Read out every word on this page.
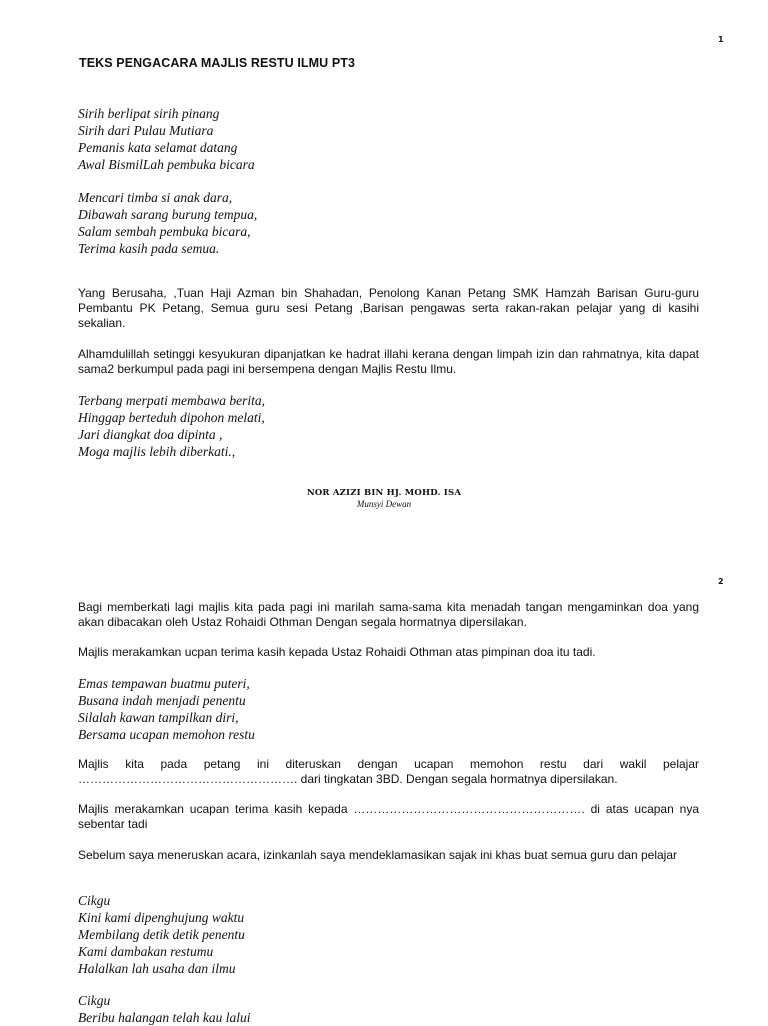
1
TEKS PENGACARA MAJLIS RESTU ILMU PT3
Sirih berlipat sirih pinang
Sirih dari Pulau Mutiara
Pemanis kata selamat datang
Awal BismilLah pembuka bicara
Mencari timba si anak dara,
Dibawah sarang burung tempua,
Salam sembah pembuka bicara,
Terima kasih pada semua.
Yang Berusaha, ,Tuan Haji Azman bin Shahadan, Penolong Kanan Petang SMK Hamzah Barisan Guru-guru Pembantu PK Petang, Semua guru sesi Petang ,Barisan pengawas serta rakan-rakan pelajar yang di kasihi sekalian.
Alhamdulillah setinggi kesyukuran dipanjatkan ke hadrat illahi kerana dengan limpah izin dan rahmatnya, kita dapat sama2 berkumpul pada pagi ini bersempena dengan Majlis Restu Ilmu.
Terbang merpati membawa berita,
Hinggap berteduh dipohon melati,
Jari diangkat doa dipinta ,
Moga majlis lebih diberkati.,
NOR AZIZI BIN HJ. MOHD. ISA
Munsyi Dewan
2
Bagi memberkati lagi majlis kita pada pagi ini marilah sama-sama kita menadah tangan mengaminkan doa yang akan dibacakan oleh Ustaz Rohaidi Othman Dengan segala hormatnya dipersilakan.
Majlis merakamkan ucpan terima kasih kepada Ustaz Rohaidi Othman atas pimpinan doa itu tadi.
Emas tempawan buatmu puteri,
Busana indah menjadi penentu
Silalah kawan tampilkan diri,
Bersama ucapan memohon restu
Majlis kita pada petang ini diteruskan dengan ucapan memohon restu dari wakil pelajar ………………………………………………. dari tingkatan 3BD. Dengan segala hormatnya dipersilakan.
Majlis merakamkan ucapan terima kasih kepada …………………………………………………. di atas ucapan nya sebentar tadi
Sebelum saya meneruskan acara, izinkanlah saya mendeklamasikan sajak ini khas buat semua guru dan pelajar
Cikgu
Kini kami dipenghujung waktu
Membilang detik detik penentu
Kami dambakan restumu
Halalkan lah usaha dan ilmu
Cikgu
Beribu halangan telah kau lalui
